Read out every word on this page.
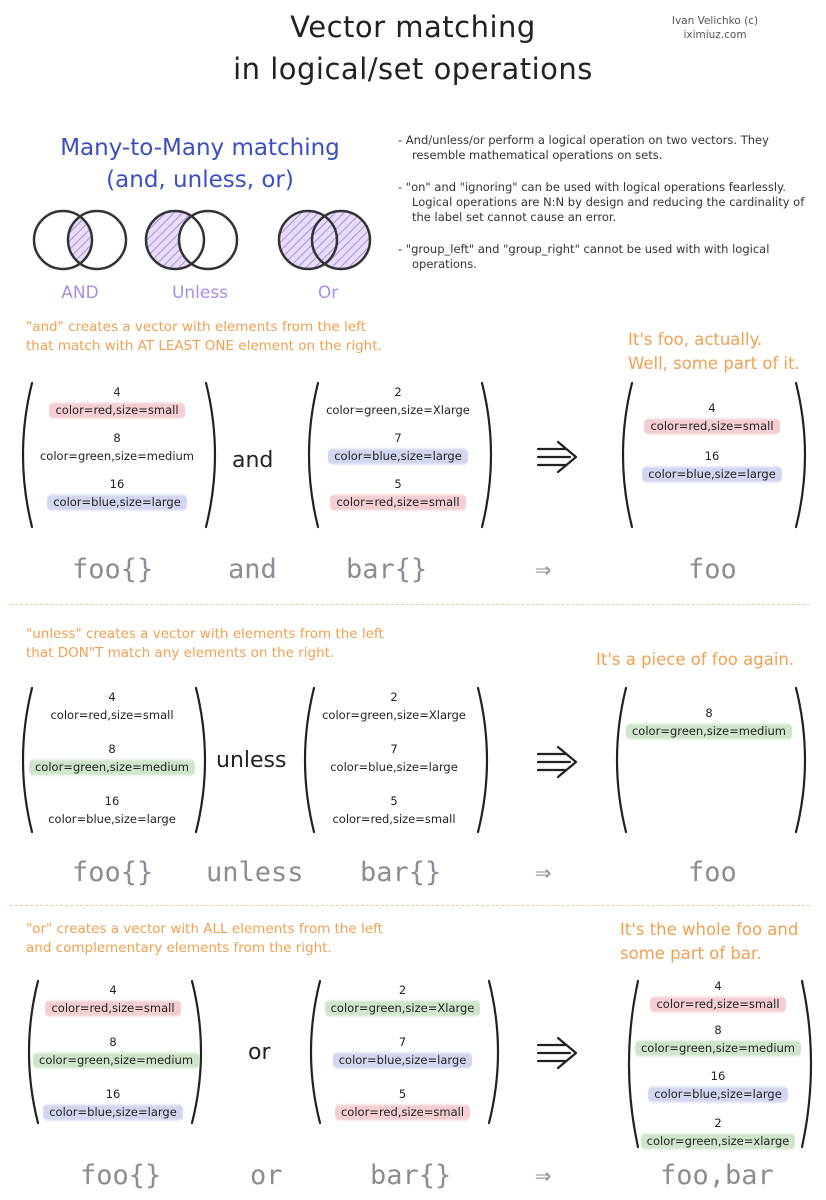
Vector matching
in logical/set operations
Ivan Velichko (c)
iximiuz.com
Many-to-Many matching
(and, unless, or)
AND	Unless	Or
- And/unless/or perform a logical operation on two vectors. They resemble mathematical operations on sets.
- "on" and "ignoring" can be used with logical operations fearlessly. Logical operations are N:N by design and reducing the cardinality of the label set cannot cause an error.
- "group_left" and "group_right" cannot be used with with logical operations.
"and" creates a vector with elements from the left
that match with AT LEAST ONE element on the right.	It's foo, actually.
Well, some part of it.
4
color=red,size=small
8
color=green,size=medium
16
color=blue,size=large
and
2
color=green,size=Xlarge
7
color=blue,size=large
5
color=red,size=small
4
color=red,size=small
16
color=blue,size=large
foo{}	and	bar{}	⇒	foo
"unless" creates a vector with elements from the left
that DON"T match any elements on the right.	It's a piece of foo again.
4
color=red,size=small
8
color=green,size=medium
16
color=blue,size=large
unless
2
color=green,size=Xlarge
7
color=blue,size=large
5
color=red,size=small
8
color=green,size=medium
foo{} unless bar{}	⇒	foo
"or" creates a vector with ALL elements from the left
and complementary elements from the right.
It's the whole foo and
some part of bar.
4
color=red,size=small
8
color=green,size=medium
16
color=blue,size=large
or
2
color=green,size=Xlarge
7
color=blue,size=large
5
color=red,size=small
4
color=red,size=small
8
color=green,size=medium
16
color=blue,size=large
2
color=green,size=xlarge
foo{}	or	bar{}	⇒	foo,bar
